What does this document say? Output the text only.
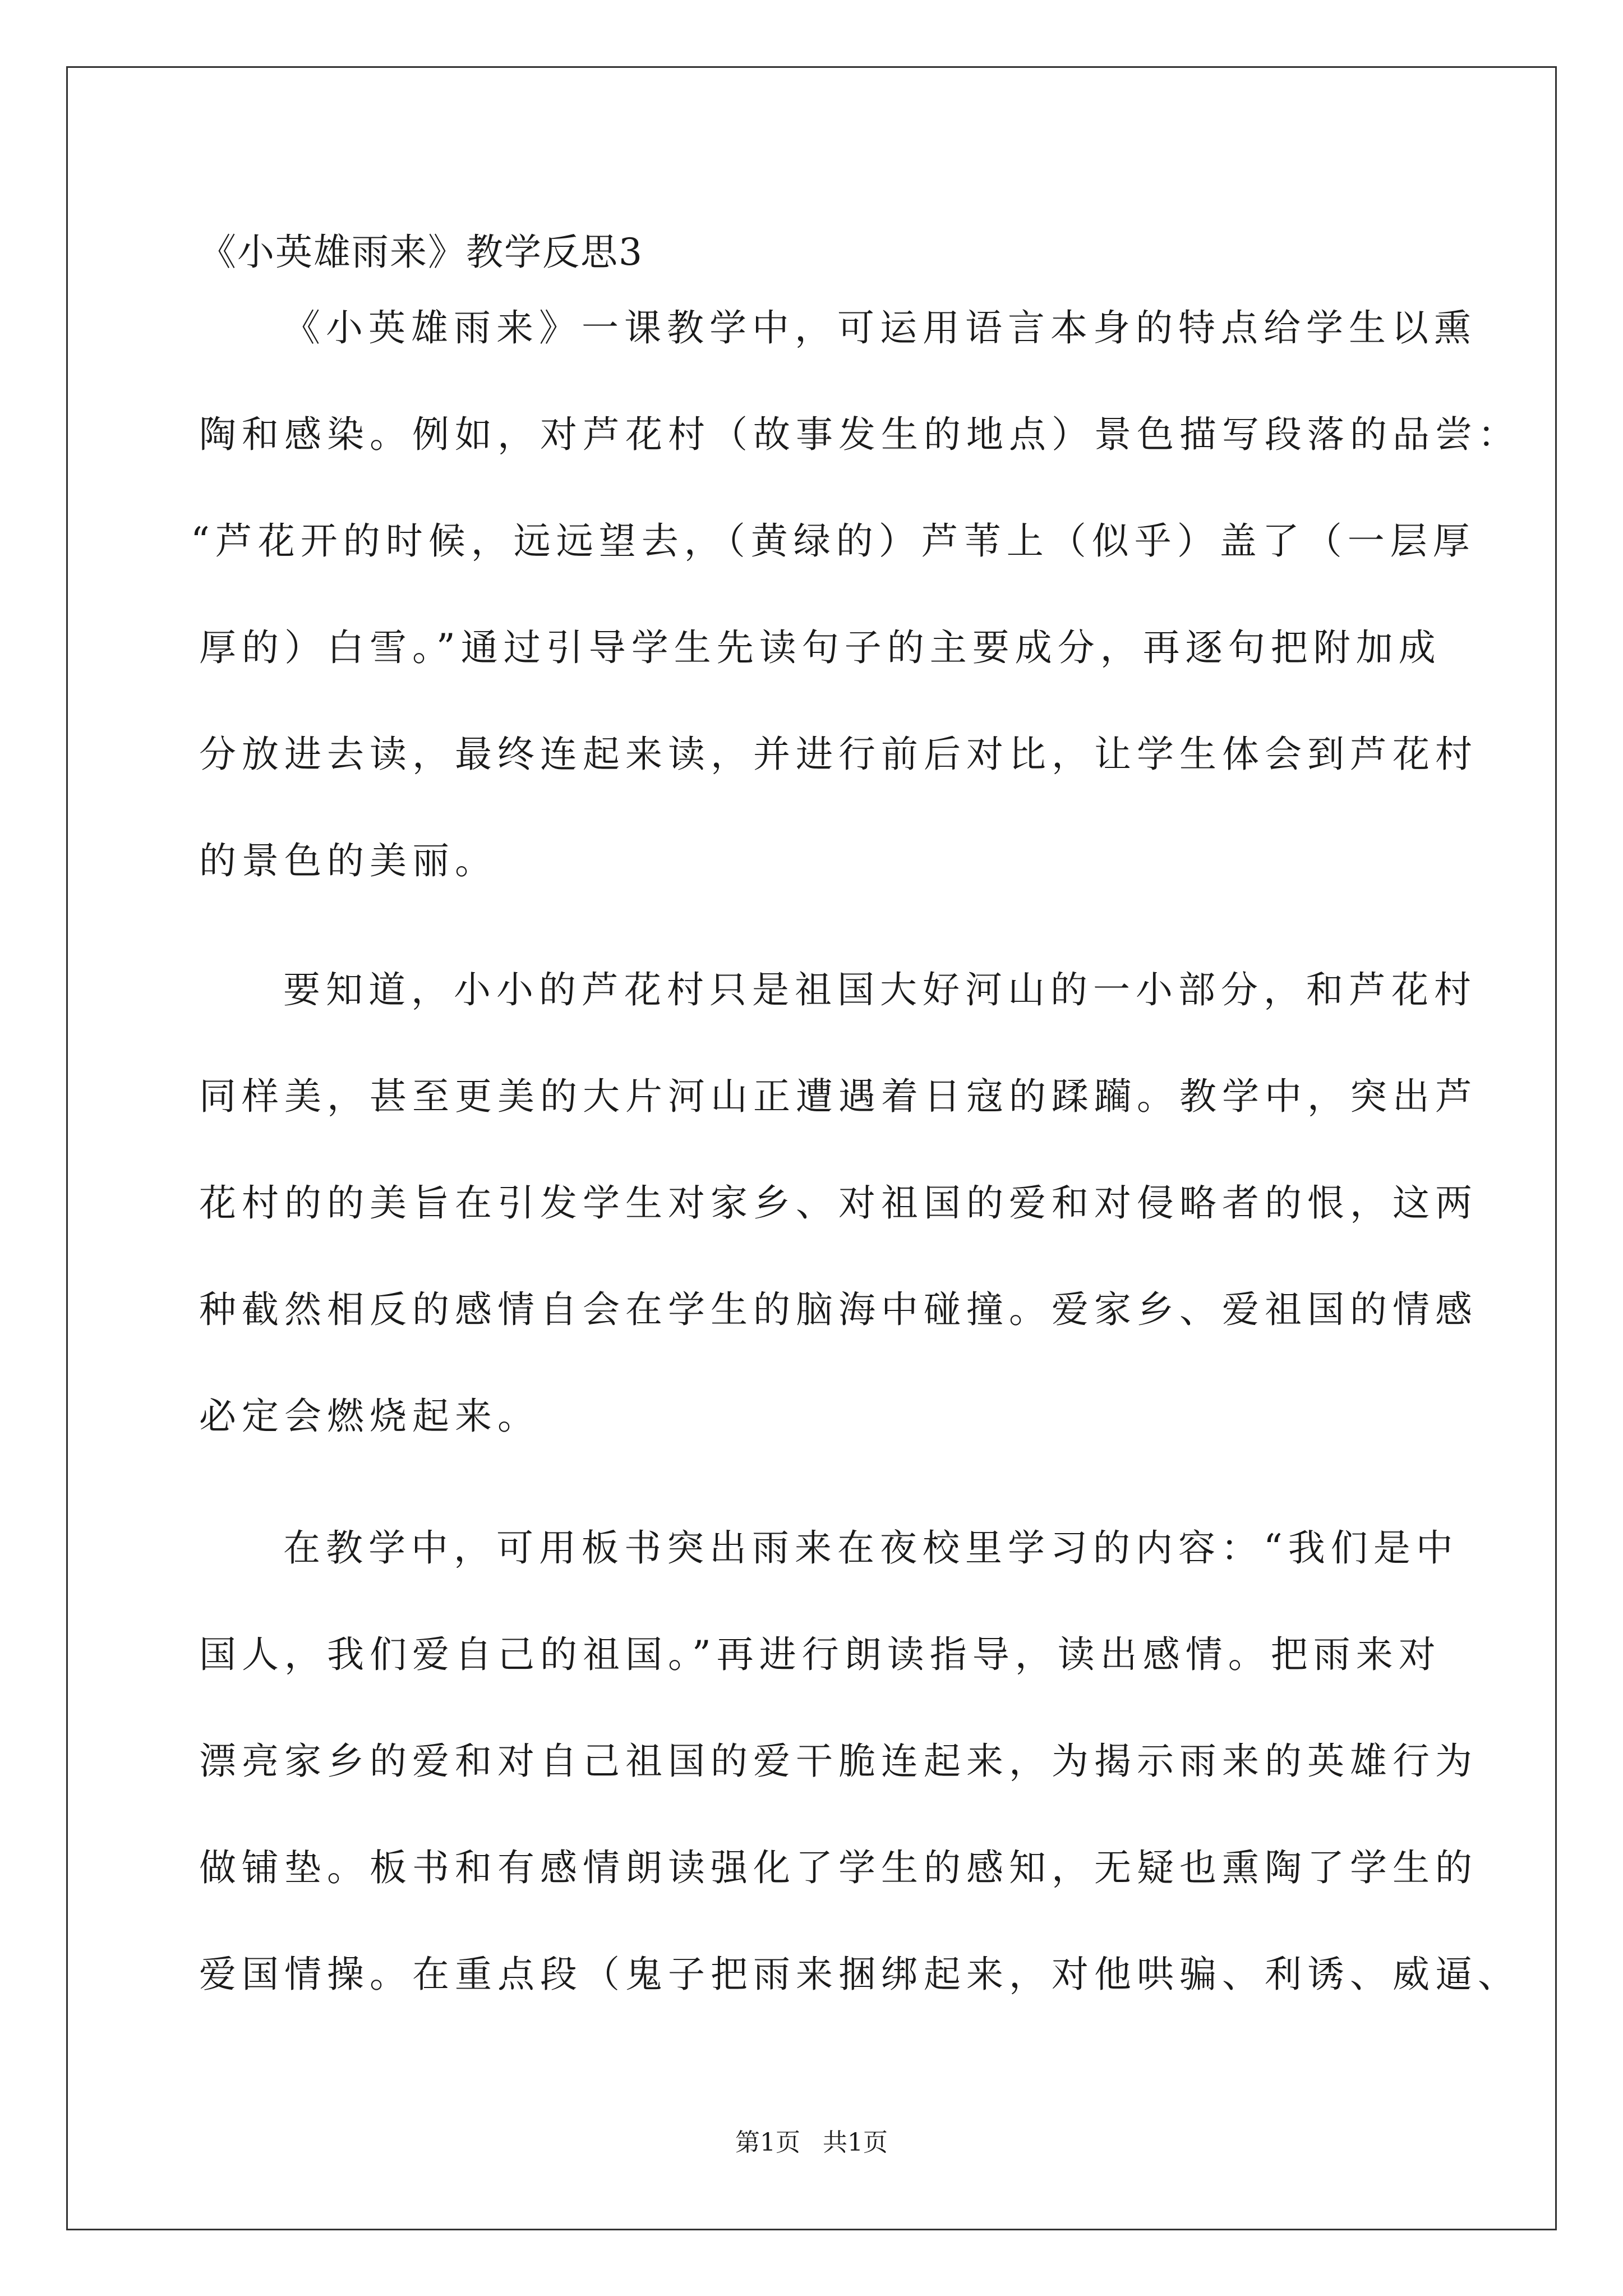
《小英雄雨来》教学反思3
《小英雄雨来》一课教学中，可运用语言本身的特点给学生以熏
陶和感染。例如，对芦花村（故事发生的地点）景色描写段落的品尝：
“芦花开的时候，远远望去，（黄绿的）芦苇上（似乎）盖了（一层厚
厚的）白雪。”通过引导学生先读句子的主要成分，再逐句把附加成
分放进去读，最终连起来读，并进行前后对比，让学生体会到芦花村
的景色的美丽。
要知道，小小的芦花村只是祖国大好河山的一小部分，和芦花村
同样美，甚至更美的大片河山正遭遇着日寇的蹂躏。教学中，突出芦
花村的的美旨在引发学生对家乡、对祖国的爱和对侵略者的恨，这两
种截然相反的感情自会在学生的脑海中碰撞。爱家乡、爱祖国的情感
必定会燃烧起来。
在教学中，可用板书突出雨来在夜校里学习的内容：“我们是中
国人，我们爱自己的祖国。”再进行朗读指导，读出感情。把雨来对
漂亮家乡的爱和对自己祖国的爱干脆连起来，为揭示雨来的英雄行为
做铺垫。板书和有感情朗读强化了学生的感知，无疑也熏陶了学生的
爱国情操。在重点段（鬼子把雨来捆绑起来，对他哄骗、利诱、威逼、
第1页 共1页
